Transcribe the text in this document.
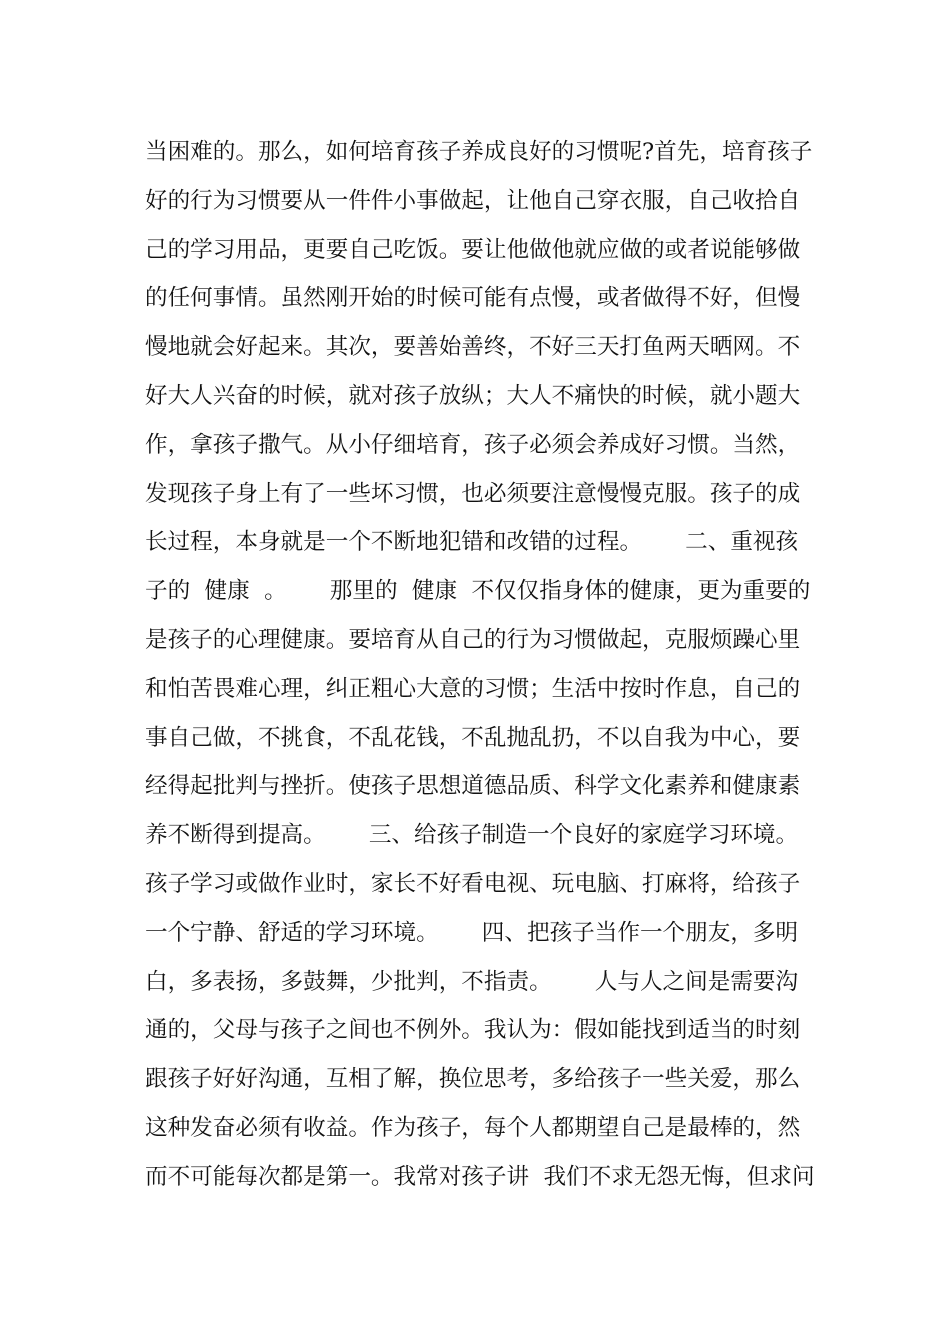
当困难的。那么，如何培育孩子养成良好的习惯呢?首先，培育孩子
好的行为习惯要从一件件小事做起，让他自己穿衣服，自己收拾自
己的学习用品，更要自己吃饭。要让他做他就应做的或者说能够做
的任何事情。虽然刚开始的时候可能有点慢，或者做得不好，但慢
慢地就会好起来。其次，要善始善终，不好三天打鱼两天晒网。不
好大人兴奋的时候，就对孩子放纵；大人不痛快的时候，就小题大
作，拿孩子撒气。从小仔细培育，孩子必须会养成好习惯。当然，
发现孩子身上有了一些坏习惯，也必须要注意慢慢克服。孩子的成
长过程，本身就是一个不断地犯错和改错的过程。      二、重视孩
子的  健康  。      那里的  健康  不仅仅指身体的健康，更为重要的
是孩子的心理健康。要培育从自己的行为习惯做起，克服烦躁心里
和怕苦畏难心理，纠正粗心大意的习惯；生活中按时作息，自己的
事自己做，不挑食，不乱花钱，不乱抛乱扔，不以自我为中心，要
经得起批判与挫折。使孩子思想道德品质、科学文化素养和健康素
养不断得到提高。      三、给孩子制造一个良好的家庭学习环境。
孩子学习或做作业时，家长不好看电视、玩电脑、打麻将，给孩子
一个宁静、舒适的学习环境。      四、把孩子当作一个朋友，多明
白，多表扬，多鼓舞，少批判，不指责。      人与人之间是需要沟
通的，父母与孩子之间也不例外。我认为：假如能找到适当的时刻
跟孩子好好沟通，互相了解，换位思考，多给孩子一些关爱，那么
这种发奋必须有收益。作为孩子，每个人都期望自己是最棒的，然
而不可能每次都是第一。我常对孩子讲  我们不求无怨无悔，但求问
